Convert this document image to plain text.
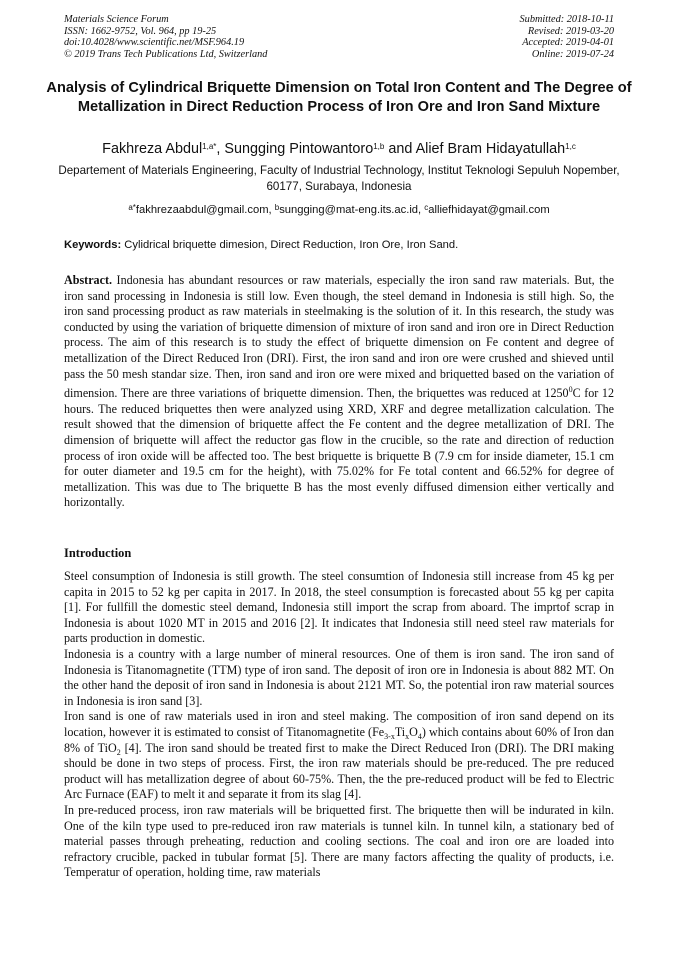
Materials Science Forum
ISSN: 1662-9752, Vol. 964, pp 19-25
doi:10.4028/www.scientific.net/MSF.964.19
© 2019 Trans Tech Publications Ltd, Switzerland
Submitted: 2018-10-11
Revised: 2019-03-20
Accepted: 2019-04-01
Online: 2019-07-24
Analysis of Cylindrical Briquette Dimension on Total Iron Content and The Degree of Metallization in Direct Reduction Process of Iron Ore and Iron Sand Mixture
Fakhreza Abdul$^{1,a*}$, Sungging Pintowantoro$^{1,b}$ and Alief Bram Hidayatullah$^{1,c}$
Departement of Materials Engineering, Faculty of Industrial Technology, Institut Teknologi Sepuluh Nopember, 60177, Surabaya, Indonesia
$^{a*}$fakhrezaabdul@gmail.com, $^b$sungging@mat-eng.its.ac.id, $^c$alliefhidayat@gmail.com
Keywords: Cylidrical briquette dimesion, Direct Reduction, Iron Ore, Iron Sand.
Abstract. Indonesia has abundant resources or raw materials, especially the iron sand raw materials. But, the iron sand processing in Indonesia is still low. Even though, the steel demand in Indonesia is still high. So, the iron sand processing product as raw materials in steelmaking is the solution of it. In this research, the study was conducted by using the variation of briquette dimension of mixture of iron sand and iron ore in Direct Reduction process. The aim of this research is to study the effect of briquette dimension on Fe content and degree of metallization of the Direct Reduced Iron (DRI). First, the iron sand and iron ore were crushed and shieved until pass the 50 mesh standar size. Then, iron sand and iron ore were mixed and briquetted based on the variation of dimension. There are three variations of briquette dimension. Then, the briquettes was reduced at 1250$^0$C for 12 hours. The reduced briquettes then were analyzed using XRD, XRF and degree metallization calculation. The result showed that the dimension of briquette affect the Fe content and the degree metallization of DRI. The dimension of briquette will affect the reductor gas flow in the crucible, so the rate and direction of reduction process of iron oxide will be affected too. The best briquette is briquette B (7.9 cm for inside diameter, 15.1 cm for outer diameter and 19.5 cm for the height), with 75.02% for Fe total content and 66.52% for degree of metallization. This was due to The briquette B has the most evenly diffused dimension either vertically and horizontally.
Introduction

Steel consumption of Indonesia is still growth. The steel consumtion of Indonesia still increase from 45 kg per capita in 2015 to 52 kg per capita in 2017. In 2018, the steel consumption is forecasted about 55 kg per capita [1]. For fullfill the domestic steel demand, Indonesia still import the scrap from aboard. The imprtof scrap in Indonesia is about 1020 MT in 2015 and 2016 [2]. It indicates that Indonesia still need steel raw materials for parts production in domestic.

Indonesia is a country with a large number of mineral resources. One of them is iron sand. The iron sand of Indonesia is Titanomagnetite (TTM) type of iron sand. The deposit of iron ore in Indonesia is about 882 MT. On the other hand the deposit of iron sand in Indonesia is about 2121 MT. So, the potential iron raw material sources in Indonesia is iron sand [3].

Iron sand is one of raw materials used in iron and steel making. The composition of iron sand depend on its location, however it is estimated to consist of Titanomagnetite $(Fe_{3-x}Ti_xO_4)$ which contains about 60% of Iron dan 8% of TiO$_2$ [4]. The iron sand should be treated first to make the Direct Reduced Iron (DRI). The DRI making should be done in two steps of process. First, the iron raw materials should be pre-reduced. The pre reduced product will has metallization degree of about 60-75%. Then, the the pre-reduced product will be fed to Electric Arc Furnace (EAF) to melt it and separate it from its slag [4].

In pre-reduced process, iron raw materials will be briquetted first. The briquette then will be indurated in kiln. One of the kiln type used to pre-reduced iron raw materials is tunnel kiln. In tunnel kiln, a stationary bed of material passes through preheating, reduction and cooling sections. The coal and iron ore are loaded into refractory crucible, packed in tubular format [5]. There are many factors affecting the quality of products, i.e. Temperatur of operation, holding time, raw materials
